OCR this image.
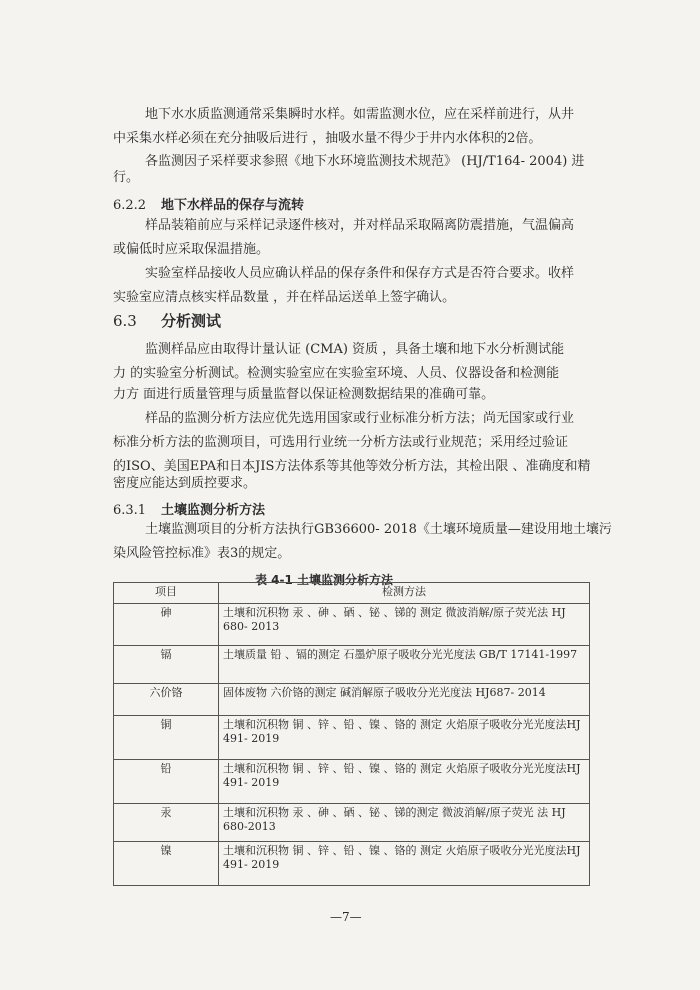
地下水水质监测通常采集瞬时水样。如需监测水位，应在采样前进行，从井
中采集水样必须在充分抽吸后进行 ，抽吸水量不得少于井内水体积的2倍。
各监测因子采样要求参照《地下水环境监测技术规范》 (HJ/T164- 2004) 进
行。
6.2.2 地下水样品的保存与流转
样品装箱前应与采样记录逐件核对，并对样品采取隔离防震措施，气温偏高
或偏低时应采取保温措施。
实验室样品接收人员应确认样品的保存条件和保存方式是否符合要求。收样
实验室应清点核实样品数量 ，并在样品运送单上签字确认。
6.3 分析测试
监测样品应由取得计量认证 (CMA) 资质 ，具备土壤和地下水分析测试能
力 的实验室分析测试。检测实验室应在实验室环境、人员、仪器设备和检测能
力方 面进行质量管理与质量监督以保证检测数据结果的准确可靠。
样品的监测分析方法应优先选用国家或行业标准分析方法；尚无国家或行业
标准分析方法的监测项目，可选用行业统一分析方法或行业规范；采用经过验证
的ISO、美国EPA和日本JIS方法体系等其他等效分析方法，其检出限 、准确度和精
密度应能达到质控要求。
6.3.1 土壤监测分析方法
土壤监测项目的分析方法执行GB36600- 2018《土壤环境质量—建设用地土壤污
染风险管控标准》表3的规定。
表 4-1 土壤监测分析方法
项目	检测方法
砷	土壤和沉积物 汞 、砷 、硒 、铋 、锑的 测定 微波消解/原子荧光法 HJ 680- 2013
镉	土壤质量 铅 、镉的测定 石墨炉原子吸收分光光度法 GB/T 17141-1997
六价铬	固体废物 六价铬的测定 碱消解原子吸收分光光度法 HJ687- 2014
铜	土壤和沉积物 铜 、锌 、铅 、镍 、铬的 测定 火焰原子吸收分光光度法HJ 491- 2019
铅	土壤和沉积物 铜 、锌 、铅 、镍 、铬的 测定 火焰原子吸收分光光度法HJ 491- 2019
汞	土壤和沉积物 汞 、砷 、硒 、铋 、锑的测定 微波消解/原子荧光 法 HJ 680-2013
镍	土壤和沉积物 铜 、锌 、铅 、镍 、铬的 测定 火焰原子吸收分光光度法HJ 491- 2019
—7—
